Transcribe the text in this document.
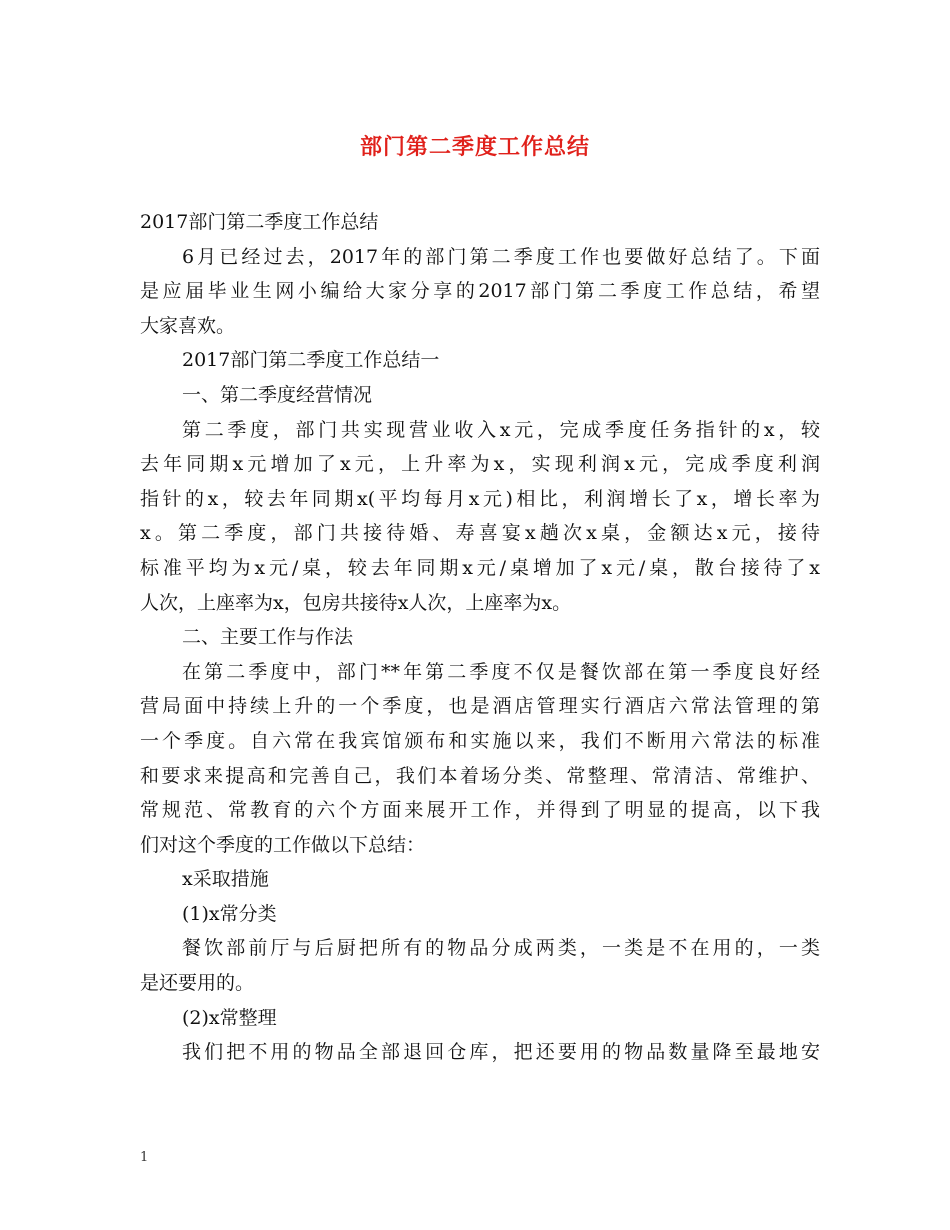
部门第二季度工作总结
2017部门第二季度工作总结
6月已经过去，2017年的部门第二季度工作也要做好总结了。下面
是应届毕业生网小编给大家分享的2017部门第二季度工作总结，希望
大家喜欢。
2017部门第二季度工作总结一
一、第二季度经营情况
第二季度，部门共实现营业收入x元，完成季度任务指针的x，较
去年同期x元增加了x元，上升率为x，实现利润x元，完成季度利润
指针的x，较去年同期x(平均每月x元)相比，利润增长了x，增长率为
x。第二季度，部门共接待婚、寿喜宴x趟次x桌，金额达x元，接待
标准平均为x元/桌，较去年同期x元/桌增加了x元/桌，散台接待了x
人次，上座率为x，包房共接待x人次，上座率为x。
二、主要工作与作法
在第二季度中，部门**年第二季度不仅是餐饮部在第一季度良好经
营局面中持续上升的一个季度，也是酒店管理实行酒店六常法管理的第
一个季度。自六常在我宾馆颁布和实施以来，我们不断用六常法的标准
和要求来提高和完善自己，我们本着场分类、常整理、常清洁、常维护、
常规范、常教育的六个方面来展开工作，并得到了明显的提高，以下我
们对这个季度的工作做以下总结：
x采取措施
(1)x常分类
餐饮部前厅与后厨把所有的物品分成两类，一类是不在用的，一类
是还要用的。
(2)x常整理
我们把不用的物品全部退回仓库，把还要用的物品数量降至最地安
1
